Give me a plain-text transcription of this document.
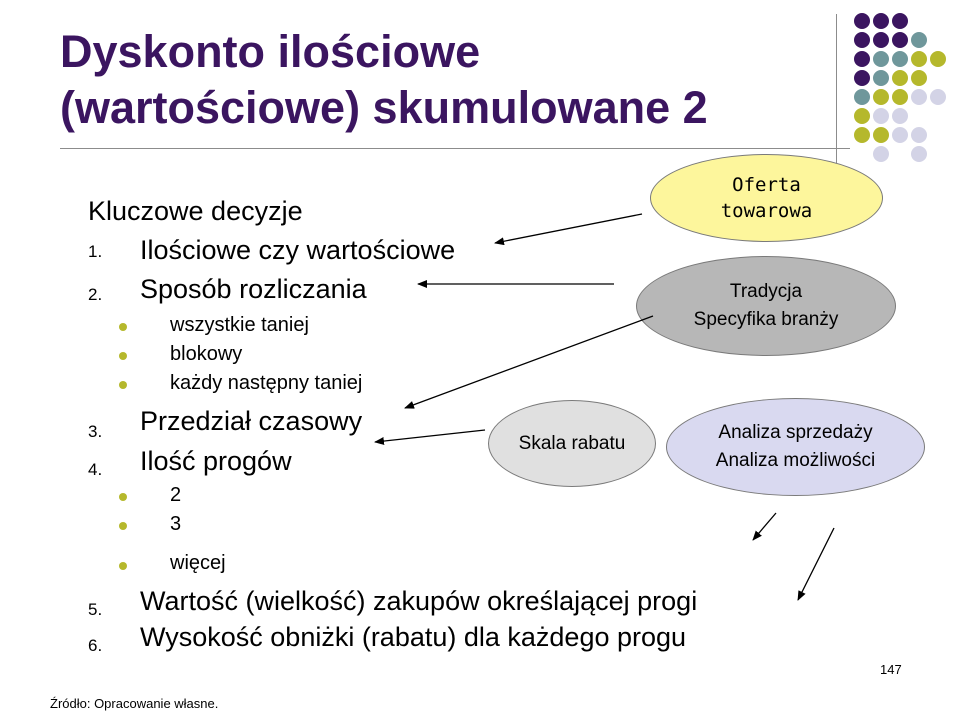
Dyskonto ilościowe
(wartościowe) skumulowane 2
Kluczowe decyzje
1. Ilościowe czy wartościowe
2. Sposób rozliczania
wszystkie taniej
blokowy
każdy następny taniej
3. Przedział czasowy
4. Ilość progów
2
3
więcej
5. Wartość (wielkość) zakupów określającej progi
6. Wysokość obniżki (rabatu) dla każdego progu
Oferta
towarowa
Tradycja
Specyfika branży
Skala rabatu	Analiza sprzedaży
Analiza możliwości
147
Źródło: Opracowanie własne.
